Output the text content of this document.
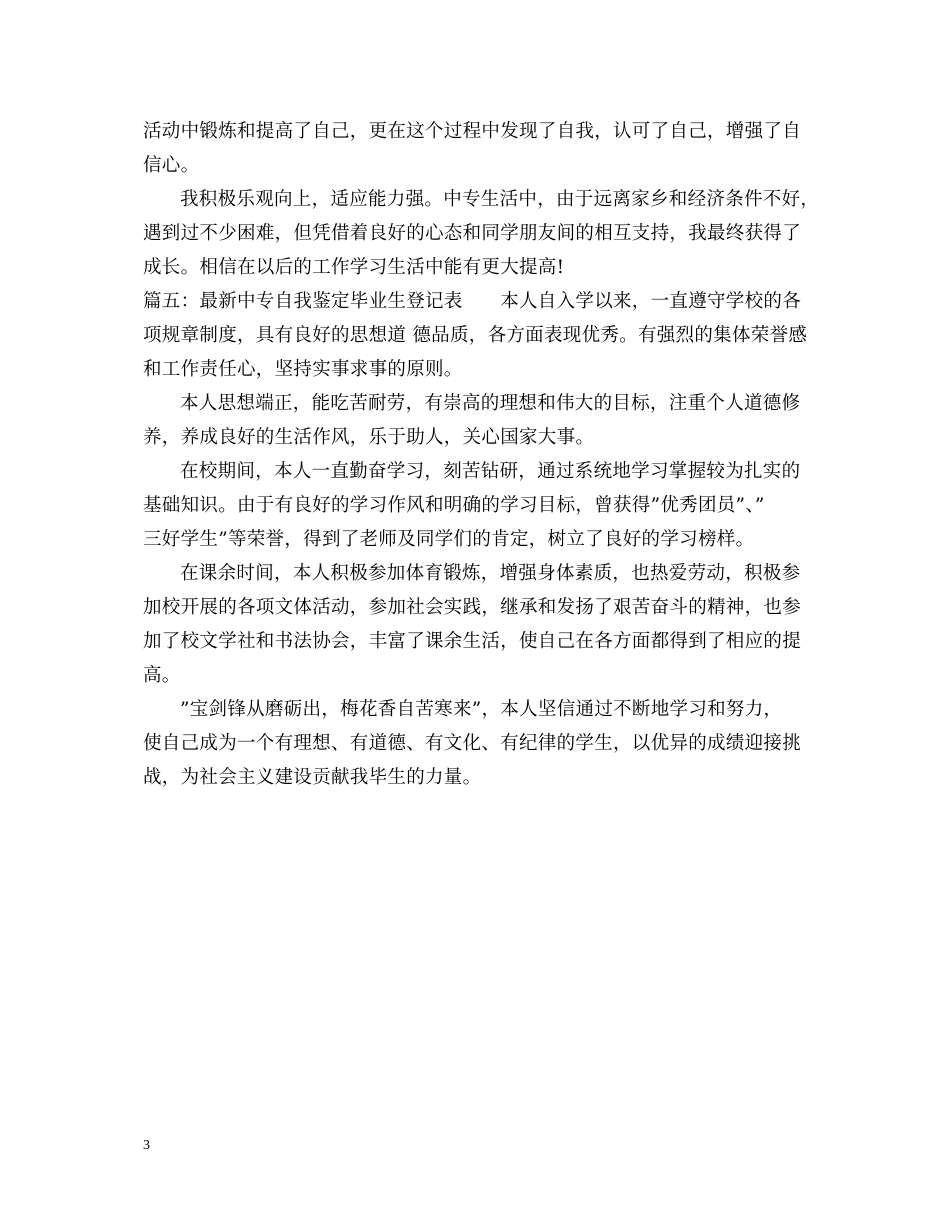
活动中锻炼和提高了自己，更在这个过程中发现了自我，认可了自己，增强了自
信心。
我积极乐观向上，适应能力强。中专生活中，由于远离家乡和经济条件不好，
遇到过不少困难，但凭借着良好的心态和同学朋友间的相互支持，我最终获得了
成长。相信在以后的工作学习生活中能有更大提高!
篇五：最新中专自我鉴定毕业生登记表　　本人自入学以来，一直遵守学校的各
项规章制度，具有良好的思想道 德品质，各方面表现优秀。有强烈的集体荣誉感
和工作责任心，坚持实事求事的原则。
本人思想端正，能吃苦耐劳，有崇高的理想和伟大的目标，注重个人道德修
养，养成良好的生活作风，乐于助人，关心国家大事。
在校期间，本人一直勤奋学习，刻苦钻研，通过系统地学习掌握较为扎实的
基础知识。由于有良好的学习作风和明确的学习目标，曾获得”优秀团员”、”
三好学生”等荣誉，得到了老师及同学们的肯定，树立了良好的学习榜样。
在课余时间，本人积极参加体育锻炼，增强身体素质，也热爱劳动，积极参
加校开展的各项文体活动，参加社会实践，继承和发扬了艰苦奋斗的精神，也参
加了校文学社和书法协会，丰富了课余生活，使自己在各方面都得到了相应的提
高。
”宝剑锋从磨砺出，梅花香自苦寒来”，本人坚信通过不断地学习和努力，
使自己成为一个有理想、有道德、有文化、有纪律的学生，以优异的成绩迎接挑
战，为社会主义建设贡献我毕生的力量。
3
